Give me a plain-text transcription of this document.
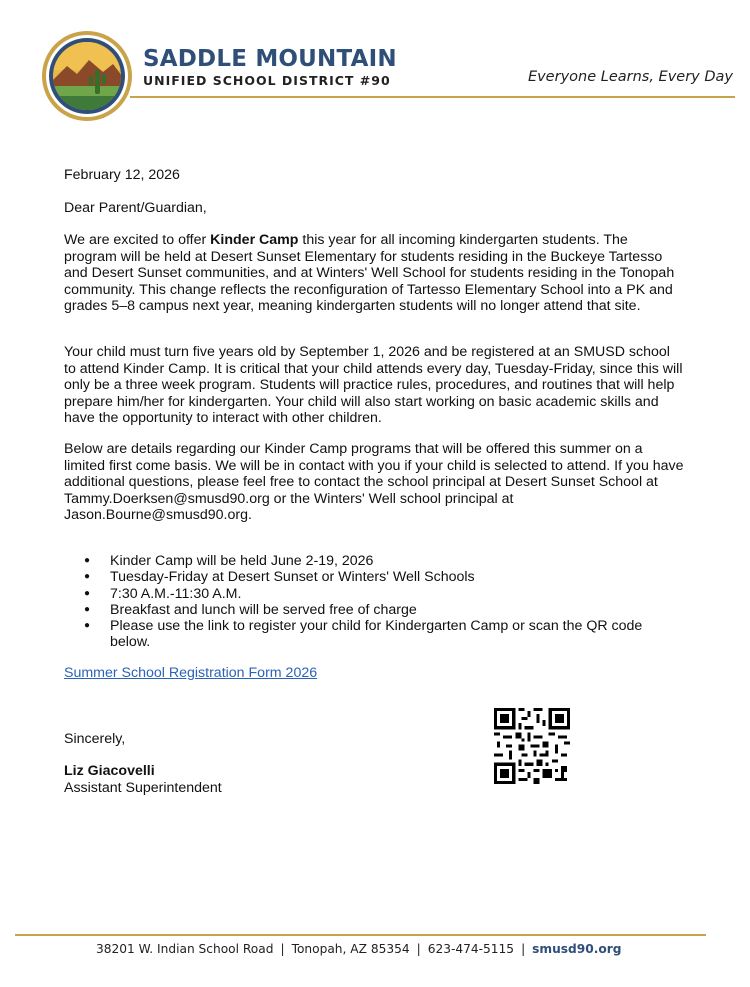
SADDLE MOUNTAIN
UNIFIED SCHOOL DISTRICT #90	Everyone Learns, Every Day
February 12, 2026
Dear Parent/Guardian,

We are excited to offer Kinder Camp this year for all incoming kindergarten students. The program will be held at Desert Sunset Elementary for students residing in the Buckeye Tartesso and Desert Sunset communities, and at Winters' Well School for students residing in the Tonopah community. This change reflects the reconfiguration of Tartesso Elementary School into a PK and grades 5–8 campus next year, meaning kindergarten students will no longer attend that site.

Your child must turn five years old by September 1, 2026 and be registered at an SMUSD school to attend Kinder Camp. It is critical that your child attends every day, Tuesday-Friday, since this will only be a three week program. Students will practice rules, procedures, and routines that will help prepare him/her for kindergarten. Your child will also start working on basic academic skills and have the opportunity to interact with other children.
Below are details regarding our Kinder Camp programs that will be offered this summer on a limited first come basis. We will be in contact with you if your child is selected to attend. If you have additional questions, please feel free to contact the school principal at Desert Sunset School at Tammy.Doerksen@smusd90.org or the Winters' Well school principal at Jason.Bourne@smusd90.org.
● Kinder Camp will be held June 2-19, 2026
● Tuesday-Friday at Desert Sunset or Winters' Well Schools
● 7:30 A.M.-11:30 A.M.
● Breakfast and lunch will be served free of charge
● Please use the link to register your child for Kindergarten Camp or scan the QR code below.
Summer School Registration Form 2026
Sincerely,
Liz Giacovelli
Assistant Superintendent
38201 W. Indian School Road | Tonopah, AZ 85354 | 623-474-5115 | smusd90.org
